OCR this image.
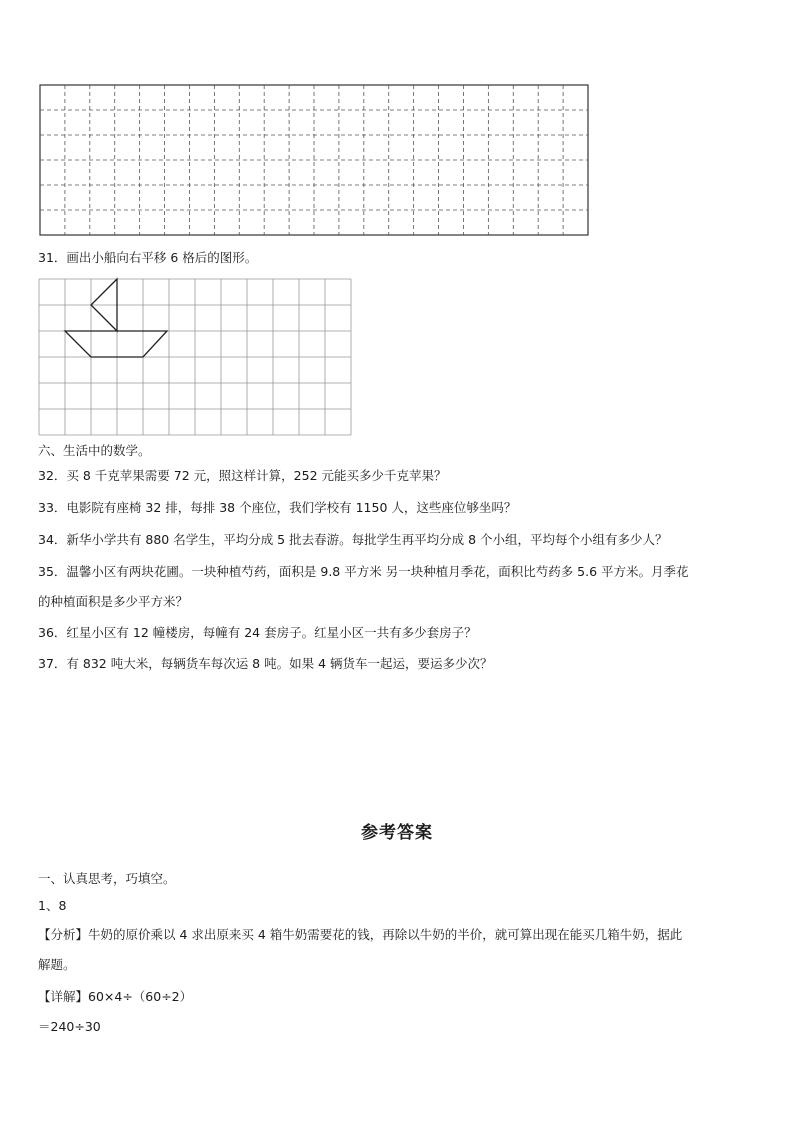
31．画出小船向右平移 6 格后的图形。
六、生活中的数学。
32．买 8 千克苹果需要 72 元，照这样计算，252 元能买多少千克苹果？
33．电影院有座椅 32 排，每排 38 个座位，我们学校有 1150 人，这些座位够坐吗？
34．新华小学共有 880 名学生，平均分成 5 批去春游。每批学生再平均分成 8 个小组，平均每个小组有多少人？
35．温馨小区有两块花圃。一块种植芍药，面积是 9.8 平方米 另一块种植月季花，面积比芍药多 5.6 平方米。月季花
的种植面积是多少平方米？
36．红星小区有 12 幢楼房，每幢有 24 套房子。红星小区一共有多少套房子？
37．有 832 吨大米，每辆货车每次运 8 吨。如果 4 辆货车一起运，要运多少次？
参考答案
一、认真思考，巧填空。
1、8
【分析】牛奶的原价乘以 4 求出原来买 4 箱牛奶需要花的钱，再除以牛奶的半价，就可算出现在能买几箱牛奶，据此
解题。
【详解】60×4÷（60÷2）
＝240÷30
